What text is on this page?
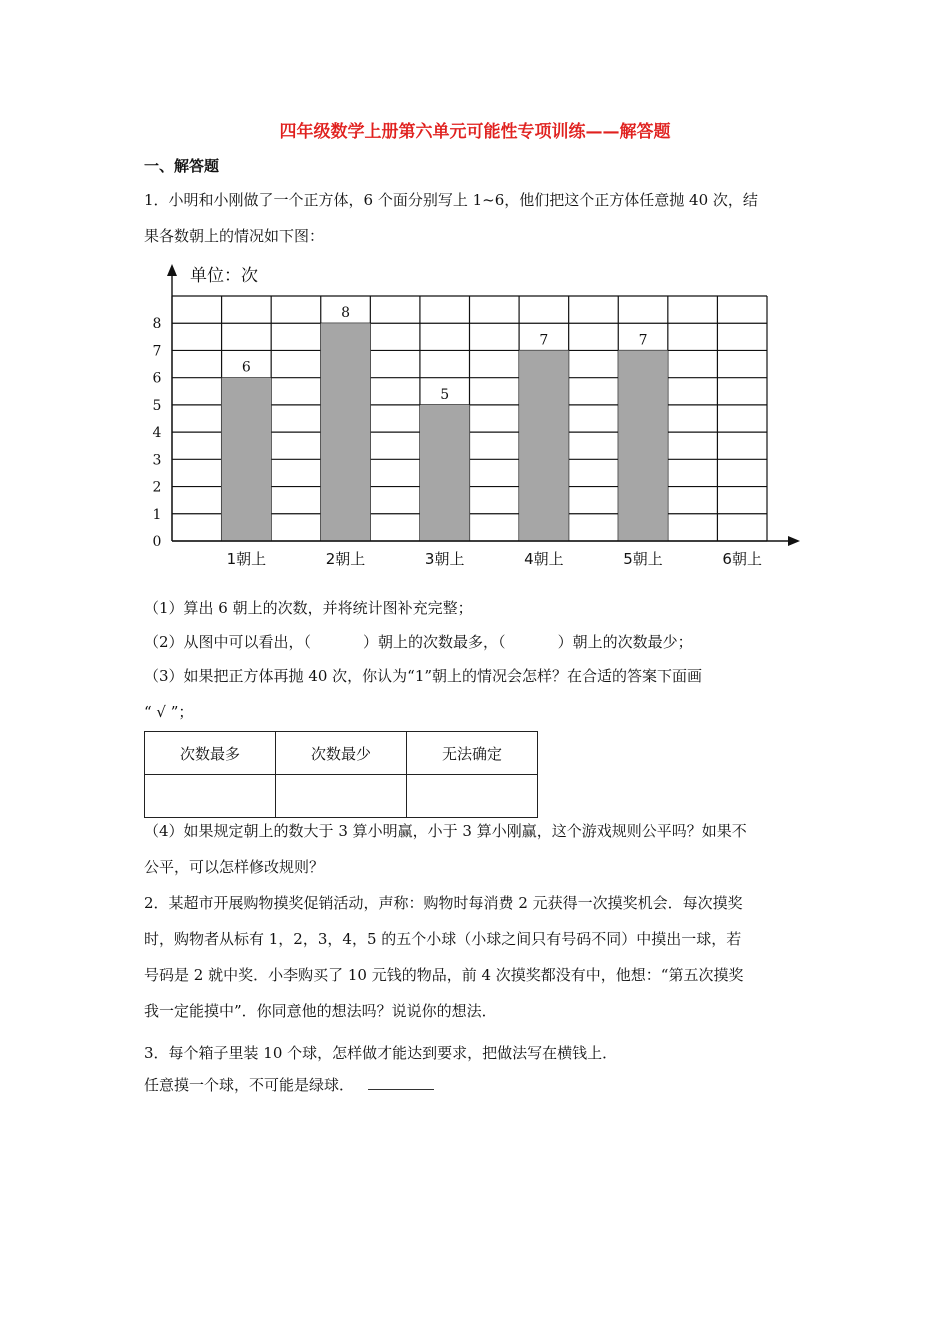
四年级数学上册第六单元可能性专项训练——解答题
一、解答题
1．小明和小刚做了一个正方体，6 个面分别写上 1~6，他们把这个正方体任意抛 40 次，结
果各数朝上的情况如下图：
单位：次
0
1
2
3
4
5
6
7
8
6
8
5
7	7
1朝上	2朝上	3朝上	4朝上	5朝上	6朝上
（1）算出 6 朝上的次数，并将统计图补充完整；
（2）从图中可以看出，（	）朝上的次数最多，（	）朝上的次数最少；
（3）如果把正方体再抛 40 次，你认为“1”朝上的情况会怎样？在合适的答案下面画
“ √ ”；
次数最多	次数最少	无法确定

（4）如果规定朝上的数大于 3 算小明赢，小于 3 算小刚赢，这个游戏规则公平吗？如果不
公平，可以怎样修改规则？
2．某超市开展购物摸奖促销活动，声称：购物时每消费 2 元获得一次摸奖机会．每次摸奖
时，购物者从标有 1，2，3，4，5 的五个小球（小球之间只有号码不同）中摸出一球，若
号码是 2 就中奖．小李购买了 10 元钱的物品，前 4 次摸奖都没有中，他想：“第五次摸奖
我一定能摸中”．你同意他的想法吗？说说你的想法．
3．每个箱子里装 10 个球，怎样做才能达到要求，把做法写在横钱上．
任意摸一个球，不可能是绿球．
